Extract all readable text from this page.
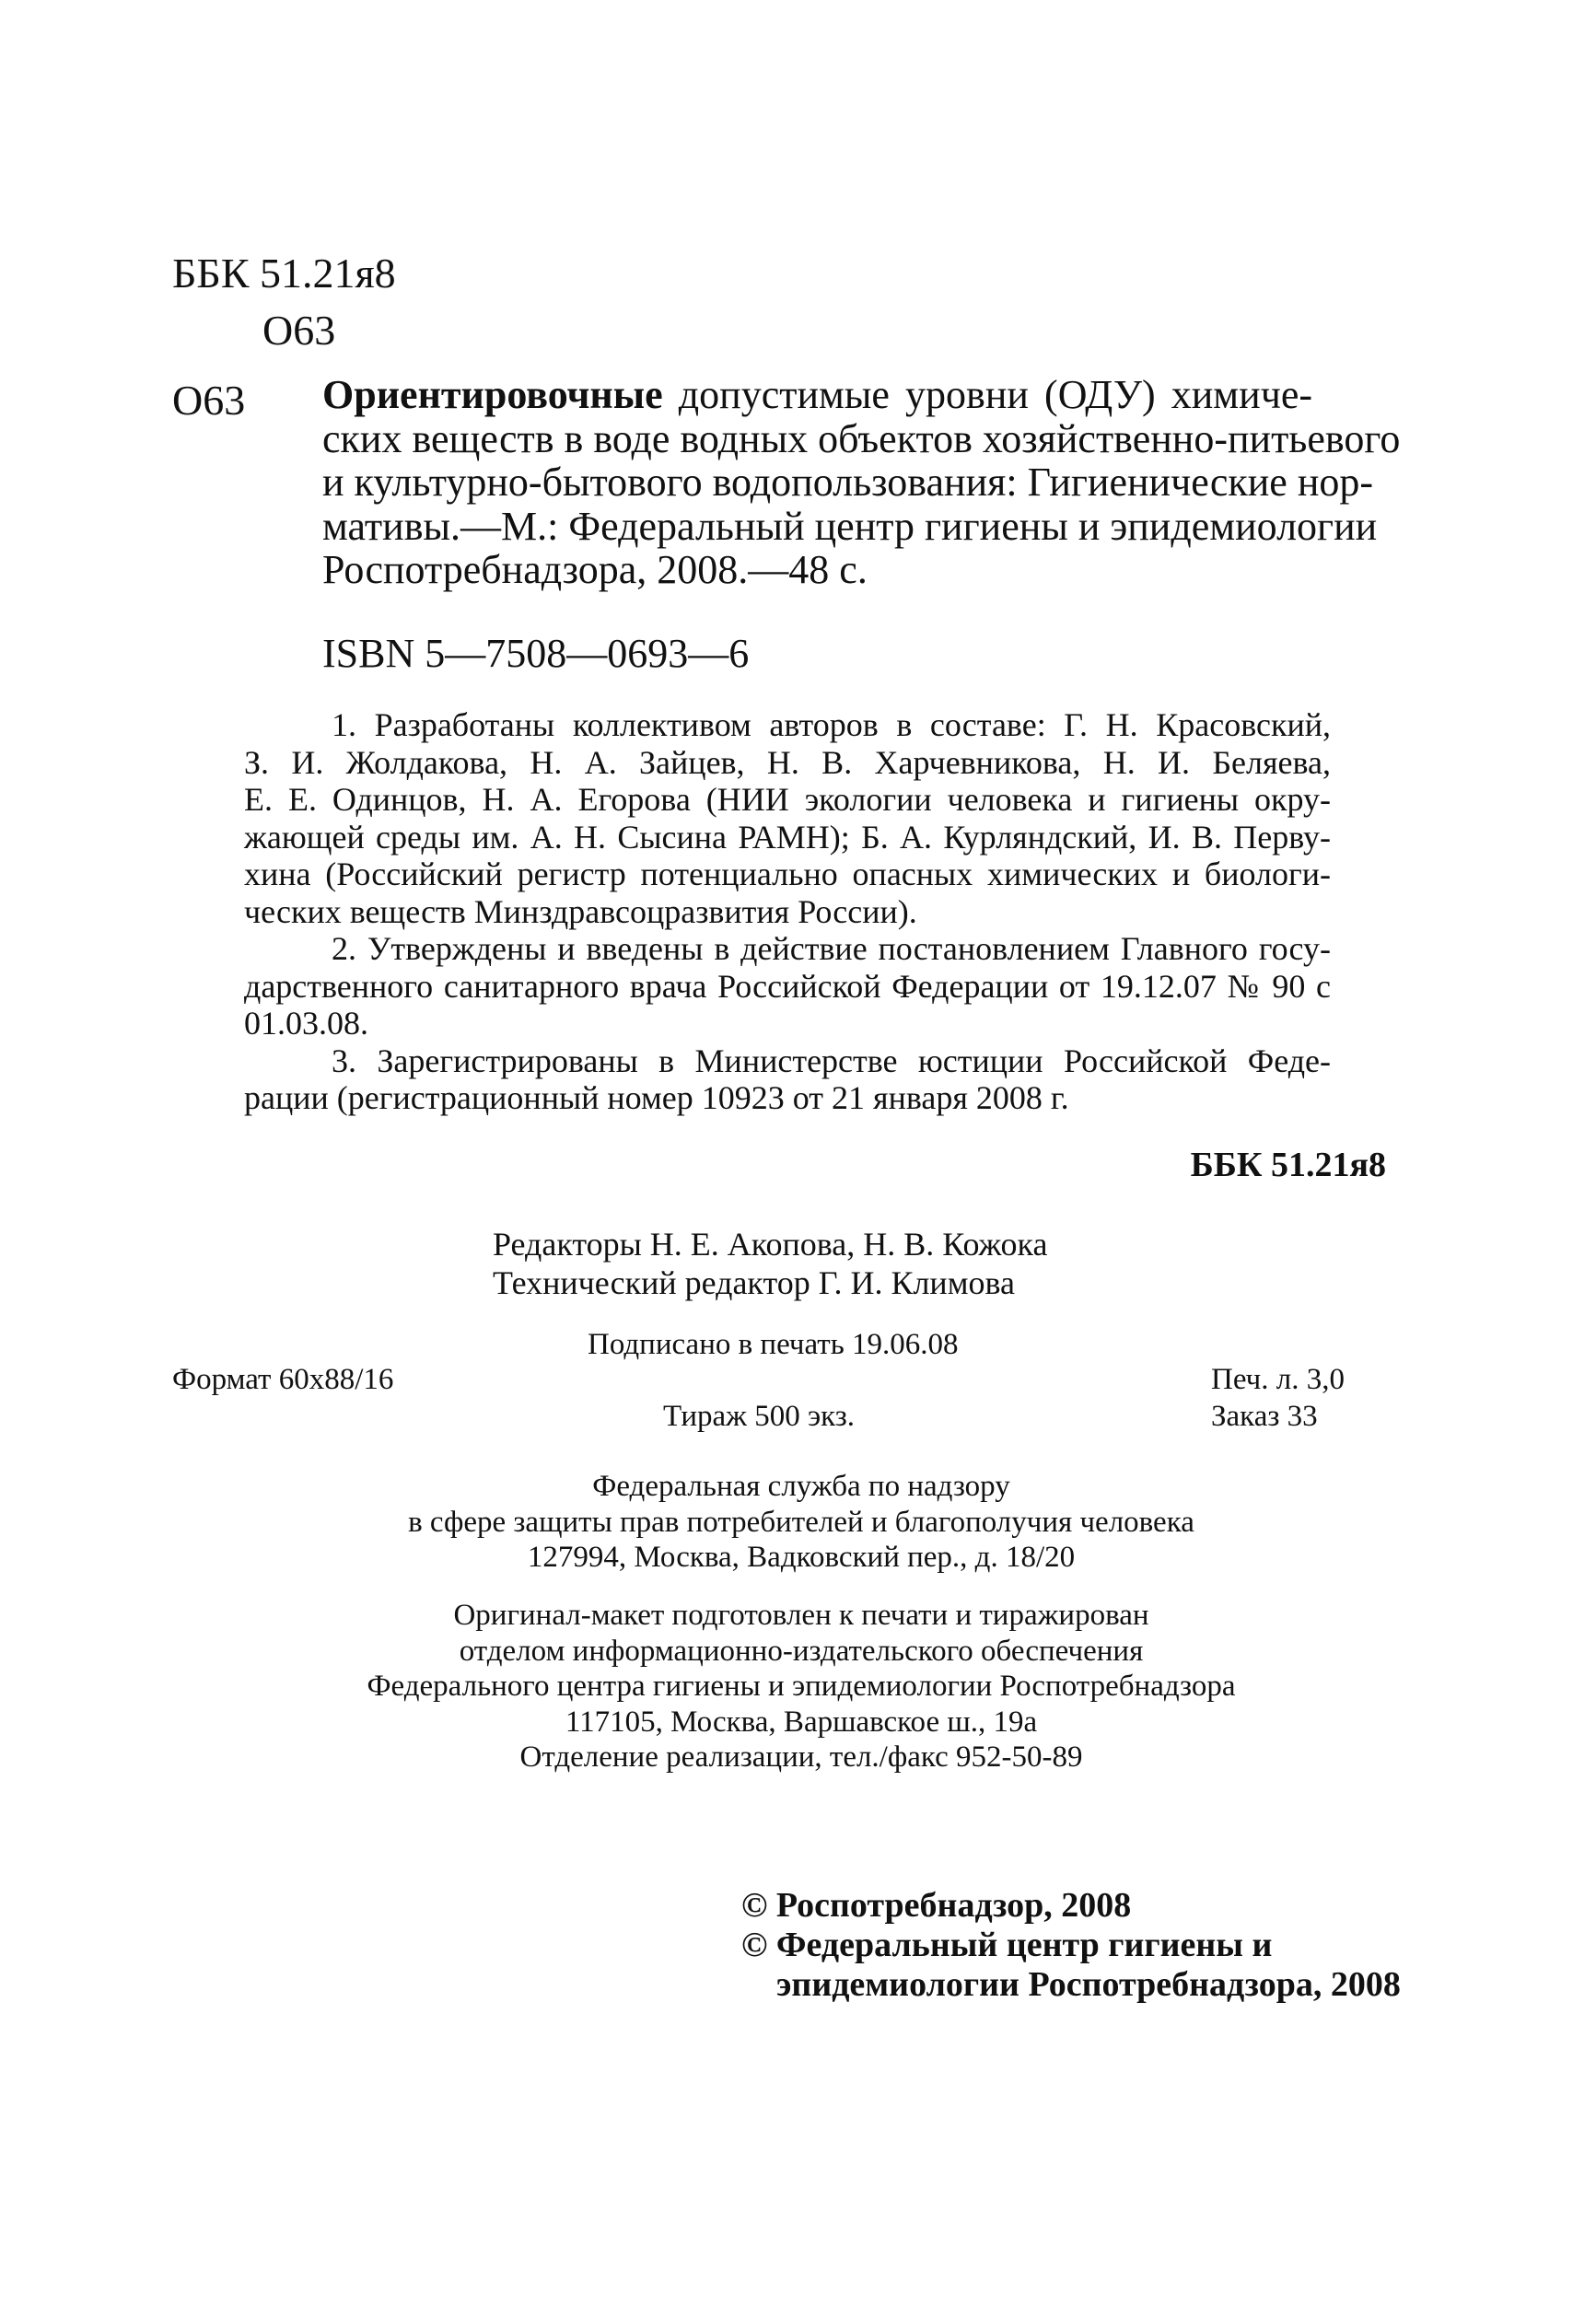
ББК 51.21я8
О63
О63 Ориентировочные допустимые уровни (ОДУ) химиче-
ских веществ в воде водных объектов хозяйственно-питьевого
и культурно-бытового водопользования: Гигиенические нор-
мативы.—М.: Федеральный центр гигиены и эпидемиологии
Роспотребнадзора, 2008.—48 с.
ISBN 5—7508—0693—6
1. Разработаны коллективом авторов в составе: Г. Н. Красовский,
З. И. Жолдакова, Н. А. Зайцев, Н. В. Харчевникова, Н. И. Беляева,
Е. Е. Одинцов, Н. А. Егорова (НИИ экологии человека и гигиены окру-
жающей среды им. А. Н. Сысина РАМН); Б. А. Курляндский, И. В. Перву-
хина (Российский регистр потенциально опасных химических и биологи-
ческих веществ Минздравсоцразвития России).
2. Утверждены и введены в действие постановлением Главного госу-
дарственного санитарного врача Российской Федерации от 19.12.07 № 90 с
01.03.08.
3. Зарегистрированы в Министерстве юстиции Российской Феде-
рации (регистрационный номер 10923 от 21 января 2008 г.
ББК 51.21я8
Редакторы Н. Е. Акопова, Н. В. Кожока
Технический редактор Г. И. Климова
Подписано в печать 19.06.08
Формат 60x88/16	Печ. л. 3,0
Тираж 500 экз.	Заказ 33
Федеральная служба по надзору
в сфере защиты прав потребителей и благополучия человека
127994, Москва, Вадковский пер., д. 18/20
Оригинал-макет подготовлен к печати и тиражирован
отделом информационно-издательского обеспечения
Федерального центра гигиены и эпидемиологии Роспотребнадзора
117105, Москва, Варшавское ш., 19а
Отделение реализации, тел./факс 952-50-89
© Роспотребнадзор, 2008
© Федеральный центр гигиены и
эпидемиологии Роспотребнадзора, 2008
